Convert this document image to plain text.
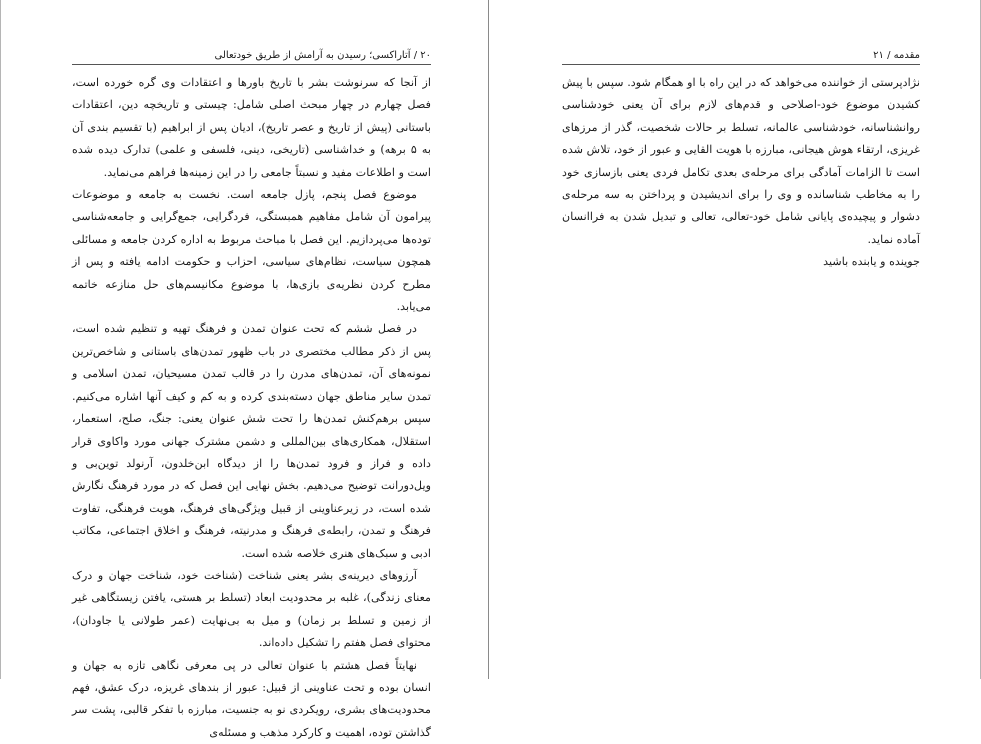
۲۰ / آتاراکسی؛ رسیدن به آرامش از طریق خودتعالی

از آنجا که سرنوشت بشر با تاریخ باورها و اعتقادات وی گره خورده است، فصل چهارم در چهار مبحث اصلی شامل: چیستی و تاریخچه دین، اعتقادات باستانی (پیش از تاریخ و عصر تاریخ)، ادیان پس از ابراهیم (با تقسیم بندی آن به ۵ برهه) و خداشناسی (تاریخی، دینی، فلسفی و علمی) تدارک دیده شده است و اطلاعات مفید و نسبتاً جامعی را در این زمینه‌ها فراهم می‌نماید.

موضوع فصل پنجم، پازل جامعه است. نخست به جامعه و موضوعات پیرامون آن شامل مفاهیم همبستگی، فردگرایی، جمع‌گرایی و جامعه‌شناسی توده‌ها می‌پردازیم. این فصل با مباحث مربوط به اداره کردن جامعه و مسائلی همچون سیاست، نظام‌های سیاسی، احزاب و حکومت ادامه یافته و پس از مطرح کردن نظریه‌ی بازی‌ها، با موضوع مکانیسم‌های حل منازعه خاتمه می‌یابد.

در فصل ششم که تحت عنوان تمدن و فرهنگ تهیه و تنظیم شده است، پس از ذکر مطالب مختصری در باب ظهور تمدن‌های باستانی و شاخص‌ترین نمونه‌های آن، تمدن‌های مدرن را در قالب تمدن مسیحیان، تمدن اسلامی و تمدن سایر مناطق جهان دسته‌بندی کرده و به کم و کیف آنها اشاره می‌کنیم. سپس برهم‌کنش تمدن‌ها را تحت شش عنوان یعنی: جنگ، صلح، استعمار، استقلال، همکاری‌های بین‌المللی و دشمن مشترک جهانی مورد واکاوی قرار داده و فراز و فرود تمدن‌ها را از دیدگاه ابن‌خلدون، آرنولد توین‌بی و ویل‌دورانت توضیح می‌دهیم. بخش نهایی این فصل که در مورد فرهنگ نگارش شده است، در زیرعناوینی از قبیل ویژگی‌های فرهنگ، هویت فرهنگی، تفاوت فرهنگ و تمدن، رابطه‌ی فرهنگ و مدرنیته، فرهنگ و اخلاق اجتماعی، مکاتب ادبی و سبک‌های هنری خلاصه شده است.

آرزوهای دیرینه‌ی بشر یعنی شناخت (شناخت خود، شناخت جهان و درک معنای زندگی)، غلبه بر محدودیت ابعاد (تسلط بر هستی، یافتن زیستگاهی غیر از زمین و تسلط بر زمان) و میل به بی‌نهایت (عمر طولانی یا جاودان)، محتوای فصل هفتم را تشکیل داده‌اند.

نهایتاً فصل هشتم با عنوان تعالی در پی معرفی نگاهی تازه به جهان و انسان بوده و تحت عناوینی از قبیل: عبور از بندهای غریزه، درک عشق، فهم محدودیت‌های بشری، رویکردی نو به جنسیت، مبارزه با تفکر قالبی، پشت سر گذاشتن توده، اهمیت و کارکرد مذهب و مسئله‌ی

مقدمه / ۲۱

نژادپرستی از خواننده می‌خواهد که در این راه با او همگام شود. سپس با پیش کشیدن موضوع خود-اصلاحی و قدم‌های لازم برای آن یعنی خودشناسی روانشناسانه، خودشناسی عالمانه، تسلط بر حالات شخصیت، گذر از مرزهای غریزی، ارتقاء هوش هیجانی، مبارزه با هویت القایی و عبور از خود، تلاش شده است تا الزامات آمادگی برای مرحله‌ی بعدی تکامل فردی یعنی بازسازی خود را به مخاطب شناسانده و وی را برای اندیشیدن و پرداختن به سه مرحله‌ی دشوار و پیچیده‌ی پایانی شامل خود-تعالی، تعالی و تبدیل شدن به فراانسان آماده نماید.

جوینده و یابنده باشید
